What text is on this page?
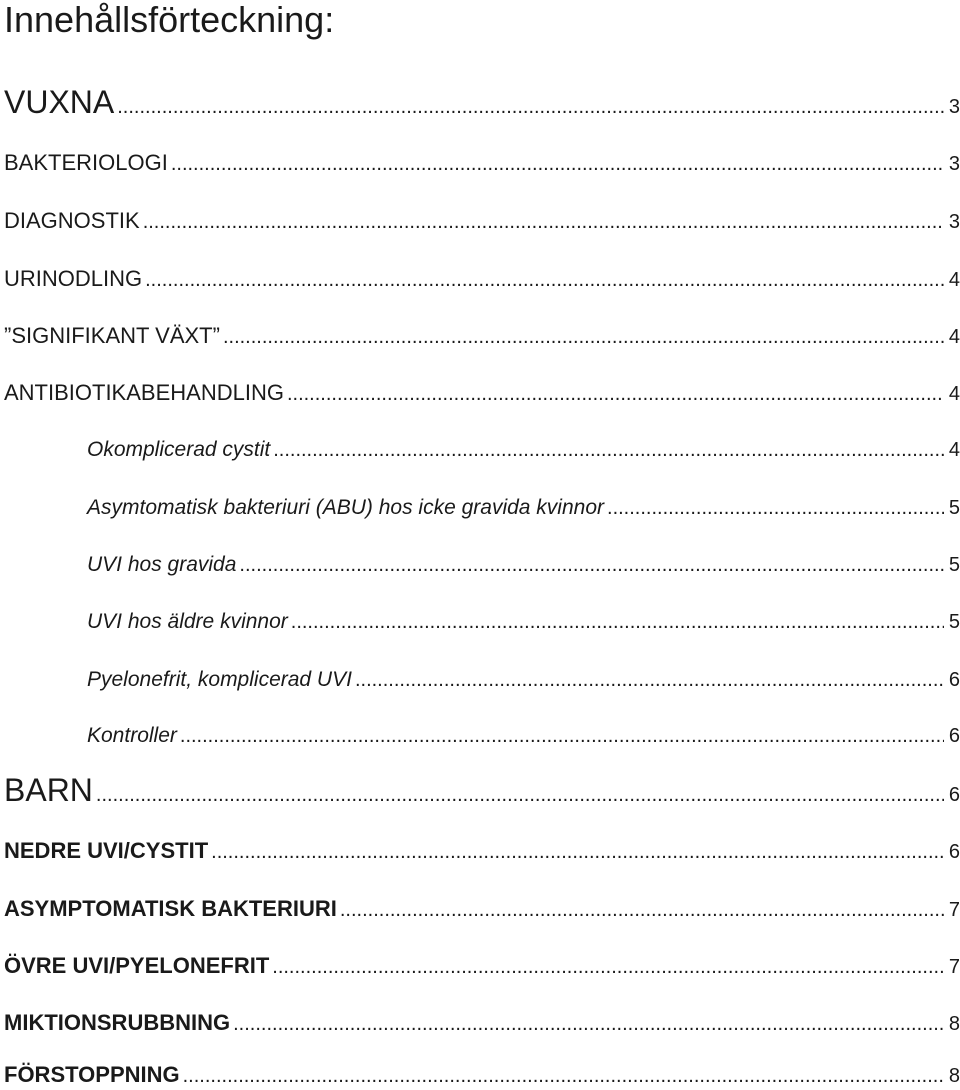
Innehållsförteckning:
VUXNA .....	3
BAKTERIOLOGI .....	3
DIAGNOSTIK .....	3
URINODLING .....	4
”SIGNIFIKANT VÄXT” .....	4
ANTIBIOTIKABEHANDLING .....	4
Okomplicerad cystit .....	4
Asymtomatisk bakteriuri (ABU) hos icke gravida kvinnor .....	5
UVI hos gravida .....	5
UVI hos äldre kvinnor .....	5
Pyelonefrit, komplicerad UVI .....	6
Kontroller .....	6
BARN .....	6
NEDRE UVI/CYSTIT .....	6
ASYMPTOMATISK BAKTERIURI .....	7
ÖVRE UVI/PYELONEFRIT .....	7
MIKTIONSRUBBNING .....	8
FÖRSTOPPNING .....	8
